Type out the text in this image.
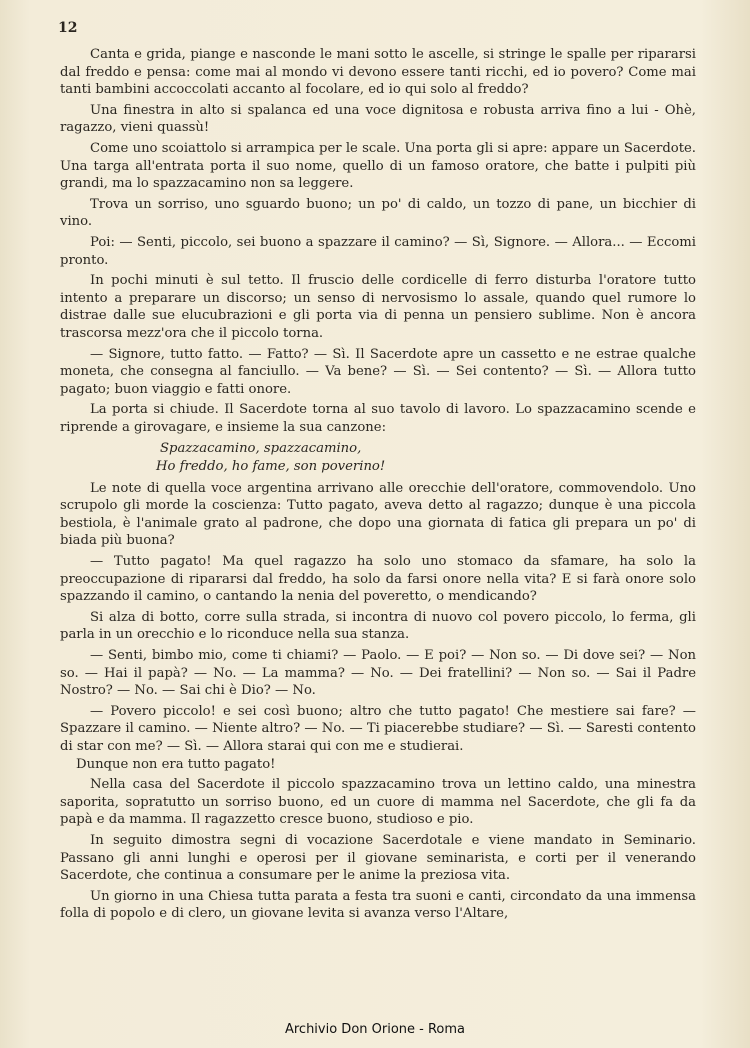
12

Canta e grida, piange e nasconde le mani sotto le ascelle, si stringe le spalle per ripararsi dal freddo e pensa: come mai al mondo vi devono essere tanti ricchi, ed io povero? Come mai tanti bambini accoccolati accanto al focolare, ed io qui solo al freddo?

Una finestra in alto si spalanca ed una voce dignitosa e robusta arriva fino a lui - Ohè, ragazzo, vieni quassù!

Come uno scoiattolo si arrampica per le scale. Una porta gli si apre: appare un Sacerdote. Una targa all'entrata porta il suo nome, quello di un famoso oratore, che batte i pulpiti più grandi, ma lo spazzacamino non sa leggere.

Trova un sorriso, uno sguardo buono; un po' di caldo, un tozzo di pane, un bicchier di vino.

Poi: — Senti, piccolo, sei buono a spazzare il camino? — Sì, Signore. — Allora... — Eccomi pronto.

In pochi minuti è sul tetto. Il fruscio delle cordicelle di ferro disturba l'oratore tutto intento a preparare un discorso; un senso di nervosismo lo assale, quando quel rumore lo distrae dalle sue elucubrazioni e gli porta via di penna un pensiero sublime. Non è ancora trascorsa mezz'ora che il piccolo torna.

— Signore, tutto fatto. — Fatto? — Sì. Il Sacerdote apre un cassetto e ne estrae qualche moneta, che consegna al fanciullo. — Va bene? — Sì. — Sei contento? — Sì. — Allora tutto pagato; buon viaggio e fatti onore.

La porta si chiude. Il Sacerdote torna al suo tavolo di lavoro. Lo spazzacamino scende e riprende a girovagare, e insieme la sua canzone:

Spazzacamino, spazzacamino,
Ho freddo, ho fame, son poverino!

Le note di quella voce argentina arrivano alle orecchie dell'oratore, commovendolo. Uno scrupolo gli morde la coscienza: Tutto pagato, aveva detto al ragazzo; dunque è una piccola bestiola, è l'animale grato al padrone, che dopo una giornata di fatica gli prepara un po' di biada più buona?

— Tutto pagato! Ma quel ragazzo ha solo uno stomaco da sfamare, ha solo la preoccupazione di ripararsi dal freddo, ha solo da farsi onore nella vita? E si farà onore solo spazzando il camino, o cantando la nenia del poveretto, o mendicando?

Si alza di botto, corre sulla strada, si incontra di nuovo col povero piccolo, lo ferma, gli parla in un orecchio e lo riconduce nella sua stanza.

— Senti, bimbo mio, come ti chiami? — Paolo. — E poi? — Non so. — Di dove sei? — Non so. — Hai il papà? — No. — La mamma? — No. — Dei fratellini? — Non so. — Sai il Padre Nostro? — No. — Sai chi è Dio? — No.

— Povero piccolo! e sei così buono; altro che tutto pagato! Che mestiere sai fare? — Spazzare il camino. — Niente altro? — No. — Ti piacerebbe studiare? — Sì. — Saresti contento di star con me? — Sì. — Allora starai qui con me e studierai.

Dunque non era tutto pagato!

Nella casa del Sacerdote il piccolo spazzacamino trova un lettino caldo, una minestra saporita, sopratutto un sorriso buono, ed un cuore di mamma nel Sacerdote, che gli fa da papà e da mamma. Il ragazzetto cresce buono, studioso e pio.

In seguito dimostra segni di vocazione Sacerdotale e viene mandato in Seminario. Passano gli anni lunghi e operosi per il giovane seminarista, e corti per il venerando Sacerdote, che continua a consumare per le anime la preziosa vita.

Un giorno in una Chiesa tutta parata a festa tra suoni e canti, circondato da una immensa folla di popolo e di clero, un giovane levita si avanza verso l'Altare,

Archivio Don Orione - Roma
